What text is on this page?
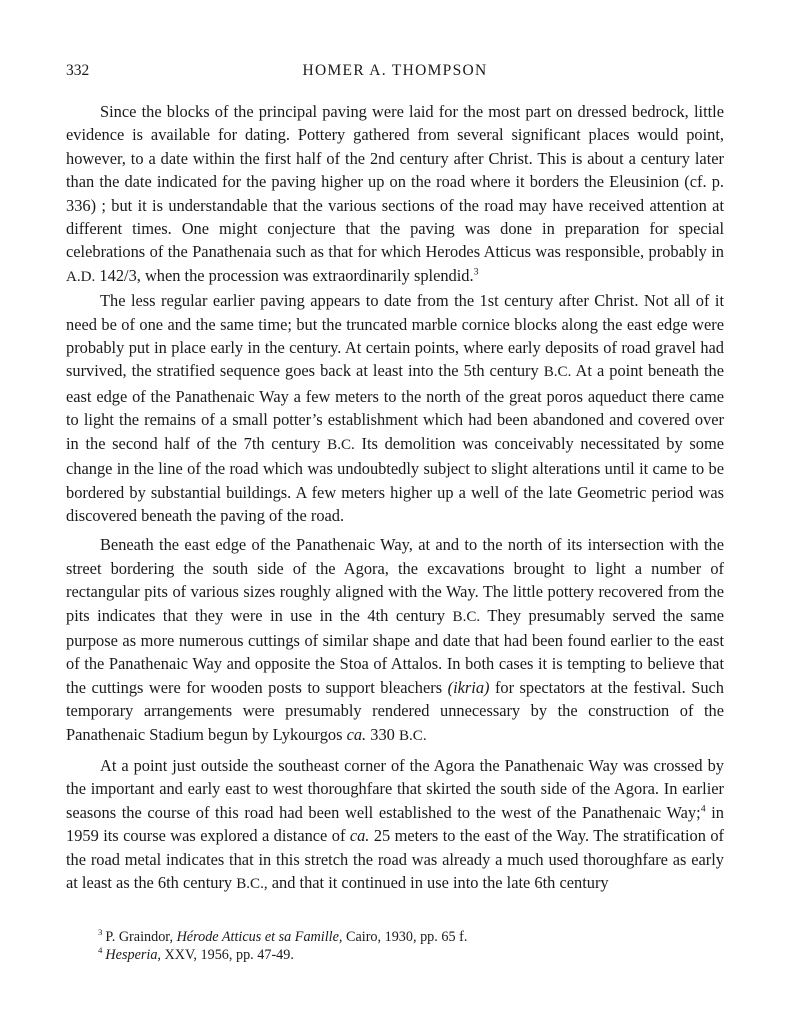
332	HOMER A. THOMPSON

Since the blocks of the principal paving were laid for the most part on dressed bedrock, little evidence is available for dating. Pottery gathered from several significant places would point, however, to a date within the first half of the 2nd century after Christ. This is about a century later than the date indicated for the paving higher up on the road where it borders the Eleusinion (cf. p. 336) ; but it is understandable that the various sections of the road may have received attention at different times. One might conjecture that the paving was done in preparation for special celebrations of the Panathenaia such as that for which Herodes Atticus was responsible, probably in A.D. 142/3, when the procession was extraordinarily splendid.$^3$

The less regular earlier paving appears to date from the 1st century after Christ. Not all of it need be of one and the same time; but the truncated marble cornice blocks along the east edge were probably put in place early in the century. At certain points, where early deposits of road gravel had survived, the stratified sequence goes back at least into the 5th century B.C. At a point beneath the east edge of the Panathenaic Way a few meters to the north of the great poros aqueduct there came to light the remains of a small potter’s establishment which had been abandoned and covered over in the second half of the 7th century B.C. Its demolition was conceivably necessitated by some change in the line of the road which was undoubtedly subject to slight alterations until it came to be bordered by substantial buildings. A few meters higher up a well of the late Geometric period was discovered beneath the paving of the road.

Beneath the east edge of the Panathenaic Way, at and to the north of its intersection with the street bordering the south side of the Agora, the excavations brought to light a number of rectangular pits of various sizes roughly aligned with the Way. The little pottery recovered from the pits indicates that they were in use in the 4th century B.C. They presumably served the same purpose as more numerous cuttings of similar shape and date that had been found earlier to the east of the Panathenaic Way and opposite the Stoa of Attalos. In both cases it is tempting to believe that the cuttings were for wooden posts to support bleachers (ikria) for spectators at the festival. Such temporary arrangements were presumably rendered unnecessary by the construction of the Panathenaic Stadium begun by Lykourgos ca. 330 B.C.

At a point just outside the southeast corner of the Agora the Panathenaic Way was crossed by the important and early east to west thoroughfare that skirted the south side of the Agora. In earlier seasons the course of this road had been well established to the west of the Panathenaic Way;$^4$ in 1959 its course was explored a distance of ca. 25 meters to the east of the Way. The stratification of the road metal indicates that in this stretch the road was already a much used thoroughfare as early at least as the 6th century B.C., and that it continued in use into the late 6th century

$^3$ P. Graindor, Hérode Atticus et sa Famille, Cairo, 1930, pp. 65 f.
$^4$ Hesperia, XXV, 1956, pp. 47-49.
